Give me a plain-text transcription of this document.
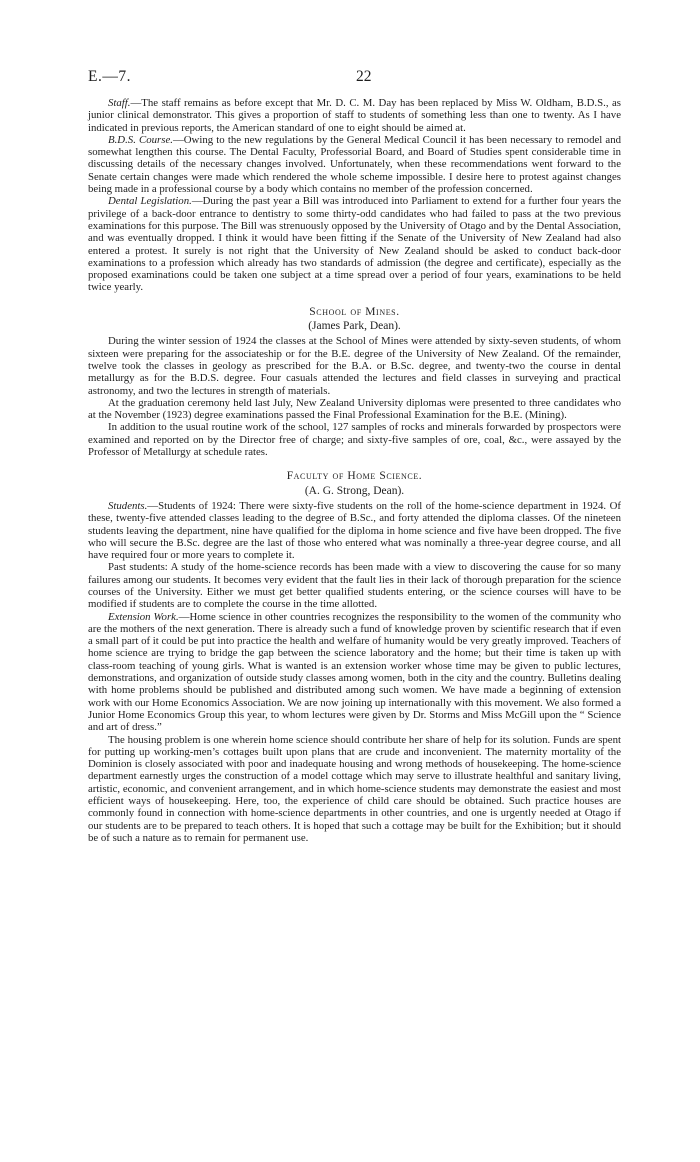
E.—7.	22

Staff.—The staff remains as before except that Mr. D. C. M. Day has been replaced by Miss W. Oldham, B.D.S., as junior clinical demonstrator. This gives a proportion of staff to students of something less than one to twenty. As I have indicated in previous reports, the American standard of one to eight should be aimed at.

B.D.S. Course.—Owing to the new regulations by the General Medical Council it has been necessary to remodel and somewhat lengthen this course. The Dental Faculty, Professorial Board, and Board of Studies spent considerable time in discussing details of the necessary changes involved. Unfortunately, when these recommendations went forward to the Senate certain changes were made which rendered the whole scheme impossible. I desire here to protest against changes being made in a professional course by a body which contains no member of the profession concerned.

Dental Legislation.—During the past year a Bill was introduced into Parliament to extend for a further four years the privilege of a back-door entrance to dentistry to some thirty-odd candidates who had failed to pass at the two previous examinations for this purpose. The Bill was strenuously opposed by the University of Otago and by the Dental Association, and was eventually dropped. I think it would have been fitting if the Senate of the University of New Zealand had also entered a protest. It surely is not right that the University of New Zealand should be asked to conduct back-door examinations to a profession which already has two standards of admission (the degree and certificate), especially as the proposed examinations could be taken one subject at a time spread over a period of four years, examinations to be held twice yearly.

School of Mines.
(James Park, Dean).

During the winter session of 1924 the classes at the School of Mines were attended by sixty-seven students, of whom sixteen were preparing for the associateship or for the B.E. degree of the University of New Zealand. Of the remainder, twelve took the classes in geology as prescribed for the B.A. or B.Sc. degree, and twenty-two the course in dental metallurgy as for the B.D.S. degree. Four casuals attended the lectures and field classes in surveying and practical astronomy, and two the lectures in strength of materials.

At the graduation ceremony held last July, New Zealand University diplomas were presented to three candidates who at the November (1923) degree examinations passed the Final Professional Examination for the B.E. (Mining).

In addition to the usual routine work of the school, 127 samples of rocks and minerals forwarded by prospectors were examined and reported on by the Director free of charge; and sixty-five samples of ore, coal, &c., were assayed by the Professor of Metallurgy at schedule rates.

Faculty of Home Science.
(A. G. Strong, Dean).

Students.—Students of 1924: There were sixty-five students on the roll of the home-science department in 1924. Of these, twenty-five attended classes leading to the degree of B.Sc., and forty attended the diploma classes. Of the nineteen students leaving the department, nine have qualified for the diploma in home science and five have been dropped. The five who will secure the B.Sc. degree are the last of those who entered what was nominally a three-year degree course, and all have required four or more years to complete it.

Past students: A study of the home-science records has been made with a view to discovering the cause for so many failures among our students. It becomes very evident that the fault lies in their lack of thorough preparation for the science courses of the University. Either we must get better qualified students entering, or the science courses will have to be modified if students are to complete the course in the time allotted.

Extension Work.—Home science in other countries recognizes the responsibility to the women of the community who are the mothers of the next generation. There is already such a fund of knowledge proven by scientific research that if even a small part of it could be put into practice the health and welfare of humanity would be very greatly improved. Teachers of home science are trying to bridge the gap between the science laboratory and the home; but their time is taken up with class-room teaching of young girls. What is wanted is an extension worker whose time may be given to public lectures, demonstrations, and organization of outside study classes among women, both in the city and the country. Bulletins dealing with home problems should be published and distributed among such women. We have made a beginning of extension work with our Home Economics Association. We are now joining up internationally with this movement. We also formed a Junior Home Economics Group this year, to whom lectures were given by Dr. Storms and Miss McGill upon the “ Science and art of dress.”

The housing problem is one wherein home science should contribute her share of help for its solution. Funds are spent for putting up working-men’s cottages built upon plans that are crude and inconvenient. The maternity mortality of the Dominion is closely associated with poor and inadequate housing and wrong methods of housekeeping. The home-science department earnestly urges the construction of a model cottage which may serve to illustrate healthful and sanitary living, artistic, economic, and convenient arrangement, and in which home-science students may demonstrate the easiest and most efficient ways of housekeeping. Here, too, the experience of child care should be obtained. Such practice houses are commonly found in connection with home-science departments in other countries, and one is urgently needed at Otago if our students are to be prepared to teach others. It is hoped that such a cottage may be built for the Exhibition; but it should be of such a nature as to remain for permanent use.
